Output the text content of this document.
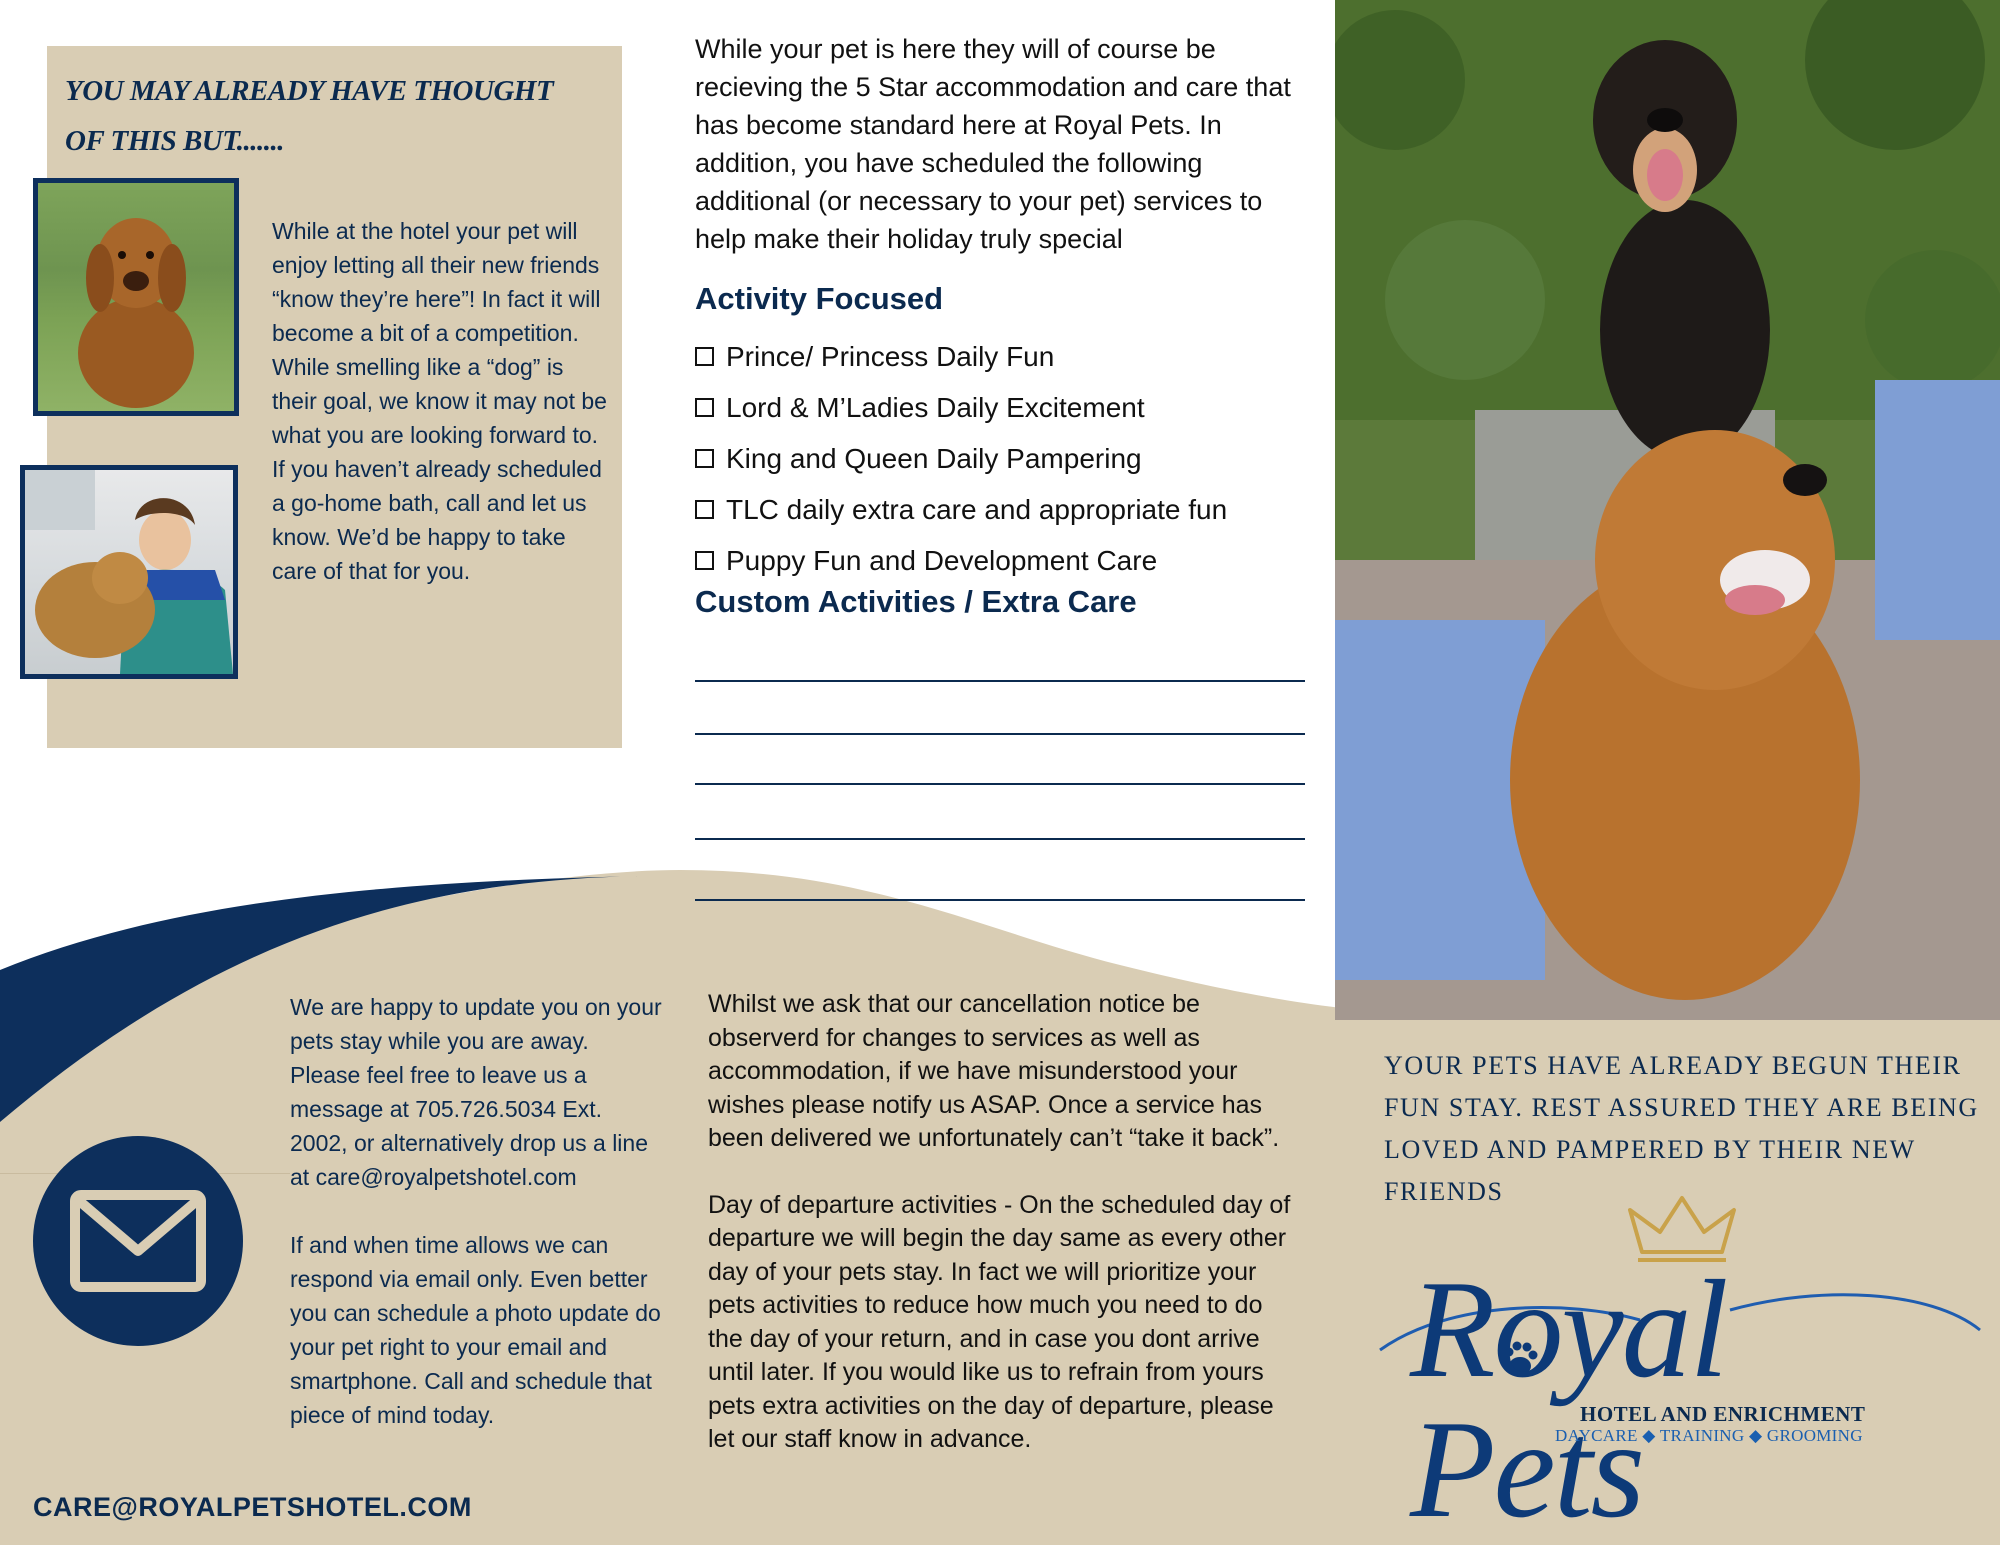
YOU MAY ALREADY HAVE THOUGHT OF THIS BUT.......
While at the hotel your pet will enjoy letting all their new friends “know they’re here”! In fact it will become a bit of a competition. While smelling like a “dog” is their goal, we know it may not be what you are looking forward to. If you haven’t already scheduled a go-home bath, call and let us know. We’d be happy to take care of that for you.
While your pet is here they will of course be recieving the 5 Star accommodation and care that has become standard here at Royal Pets. In addition, you have scheduled the following additional (or necessary to your pet) services to help make their holiday truly special
Activity Focused
Prince/ Princess Daily Fun
Lord & M’Ladies Daily Excitement
King and Queen Daily Pampering
TLC daily extra care and appropriate fun
Puppy Fun and Development Care
Custom Activities / Extra Care

We are happy to update you on your pets stay while you are away. Please feel free to leave us a message at 705.726.5034 Ext. 2002, or alternatively drop us a line at care@royalpetshotel.com

If and when time allows we can respond via email only. Even better you can schedule a photo update do your pet right to your email and smartphone. Call and schedule that piece of mind today.

CARE@ROYALPETSHOTEL.COM

Whilst we ask that our cancellation notice be observerd for changes to services as well as accommodation, if we have misunderstood your wishes please notify us ASAP. Once a service has been delivered we unfortunately can’t “take it back”.

Day of departure activities - On the scheduled day of departure we will begin the day same as every other day of your pets stay. In fact we will prioritize your pets activities to reduce how much you need to do the day of your return, and in case you dont arrive until later. If you would like us to refrain from yours pets extra activities on the day of departure, please let our staff know in advance.

YOUR PETS HAVE ALREADY BEGUN THEIR FUN STAY. REST ASSURED THEY ARE BEING LOVED AND PAMPERED BY THEIR NEW FRIENDS
Royal Pets
HOTEL AND ENRICHMENT
DAYCARE ◆ TRAINING ◆ GROOMING
